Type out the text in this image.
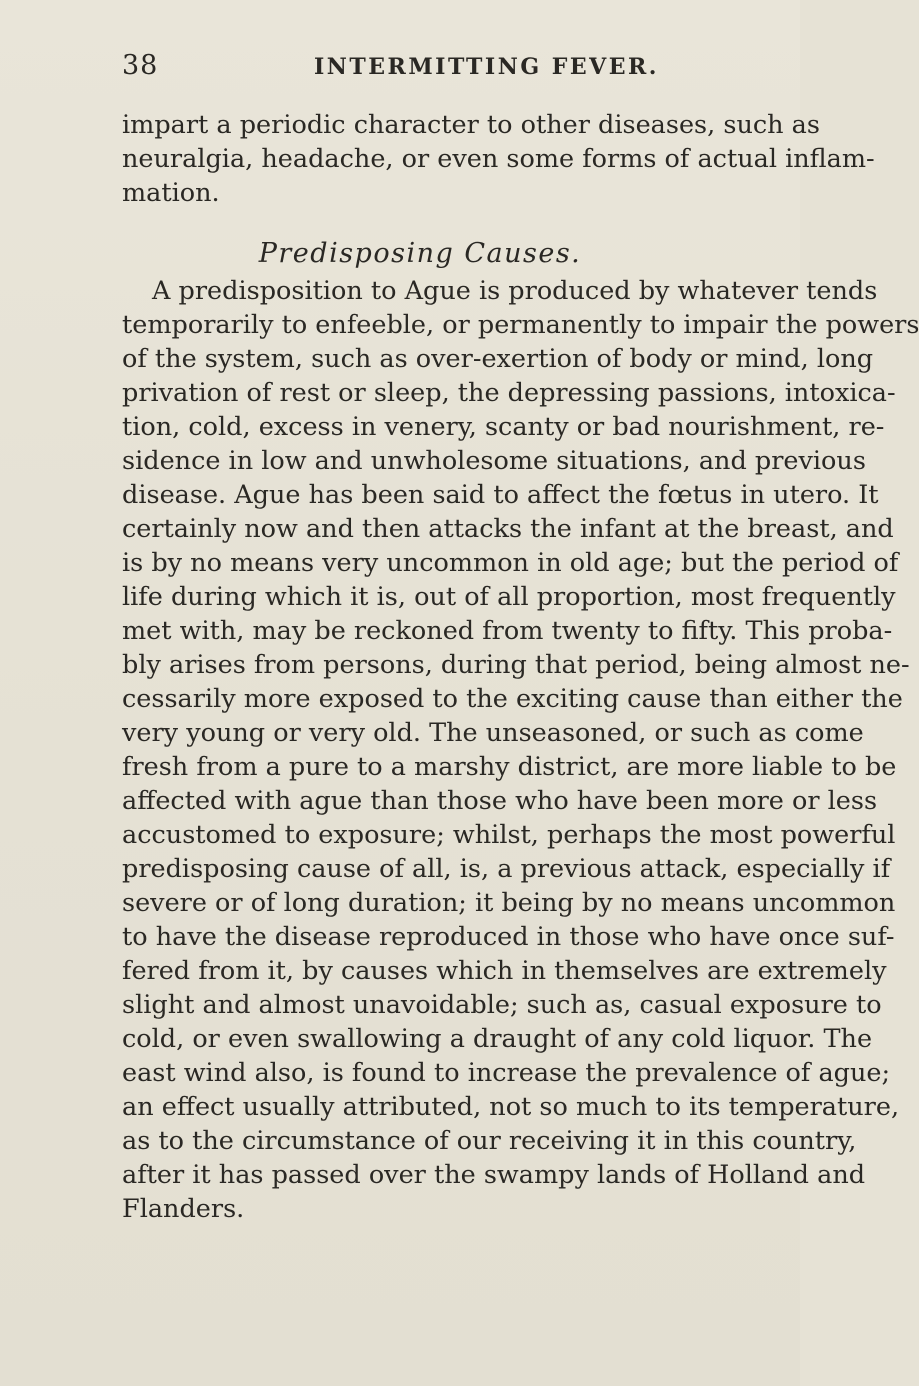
38	INTERMITTING FEVER.
impart a periodic character to other diseases, such as
neuralgia, headache, or even some forms of actual inflam-
mation.
Predisposing Causes.
A predisposition to Ague is produced by whatever tends
temporarily to enfeeble, or permanently to impair the powers
of the system, such as over-exertion of body or mind, long
privation of rest or sleep, the depressing passions, intoxica-
tion, cold, excess in venery, scanty or bad nourishment, re-
sidence in low and unwholesome situations, and previous
disease. Ague has been said to affect the fœtus in utero. It
certainly now and then attacks the infant at the breast, and
is by no means very uncommon in old age; but the period of
life during which it is, out of all proportion, most frequently
met with, may be reckoned from twenty to fifty. This proba-
bly arises from persons, during that period, being almost ne-
cessarily more exposed to the exciting cause than either the
very young or very old. The unseasoned, or such as come
fresh from a pure to a marshy district, are more liable to be
affected with ague than those who have been more or less
accustomed to exposure; whilst, perhaps the most powerful
predisposing cause of all, is, a previous attack, especially if
severe or of long duration; it being by no means uncommon
to have the disease reproduced in those who have once suf-
fered from it, by causes which in themselves are extremely
slight and almost unavoidable; such as, casual exposure to
cold, or even swallowing a draught of any cold liquor. The
east wind also, is found to increase the prevalence of ague;
an effect usually attributed, not so much to its temperature,
as to the circumstance of our receiving it in this country,
after it has passed over the swampy lands of Holland and
Flanders.
